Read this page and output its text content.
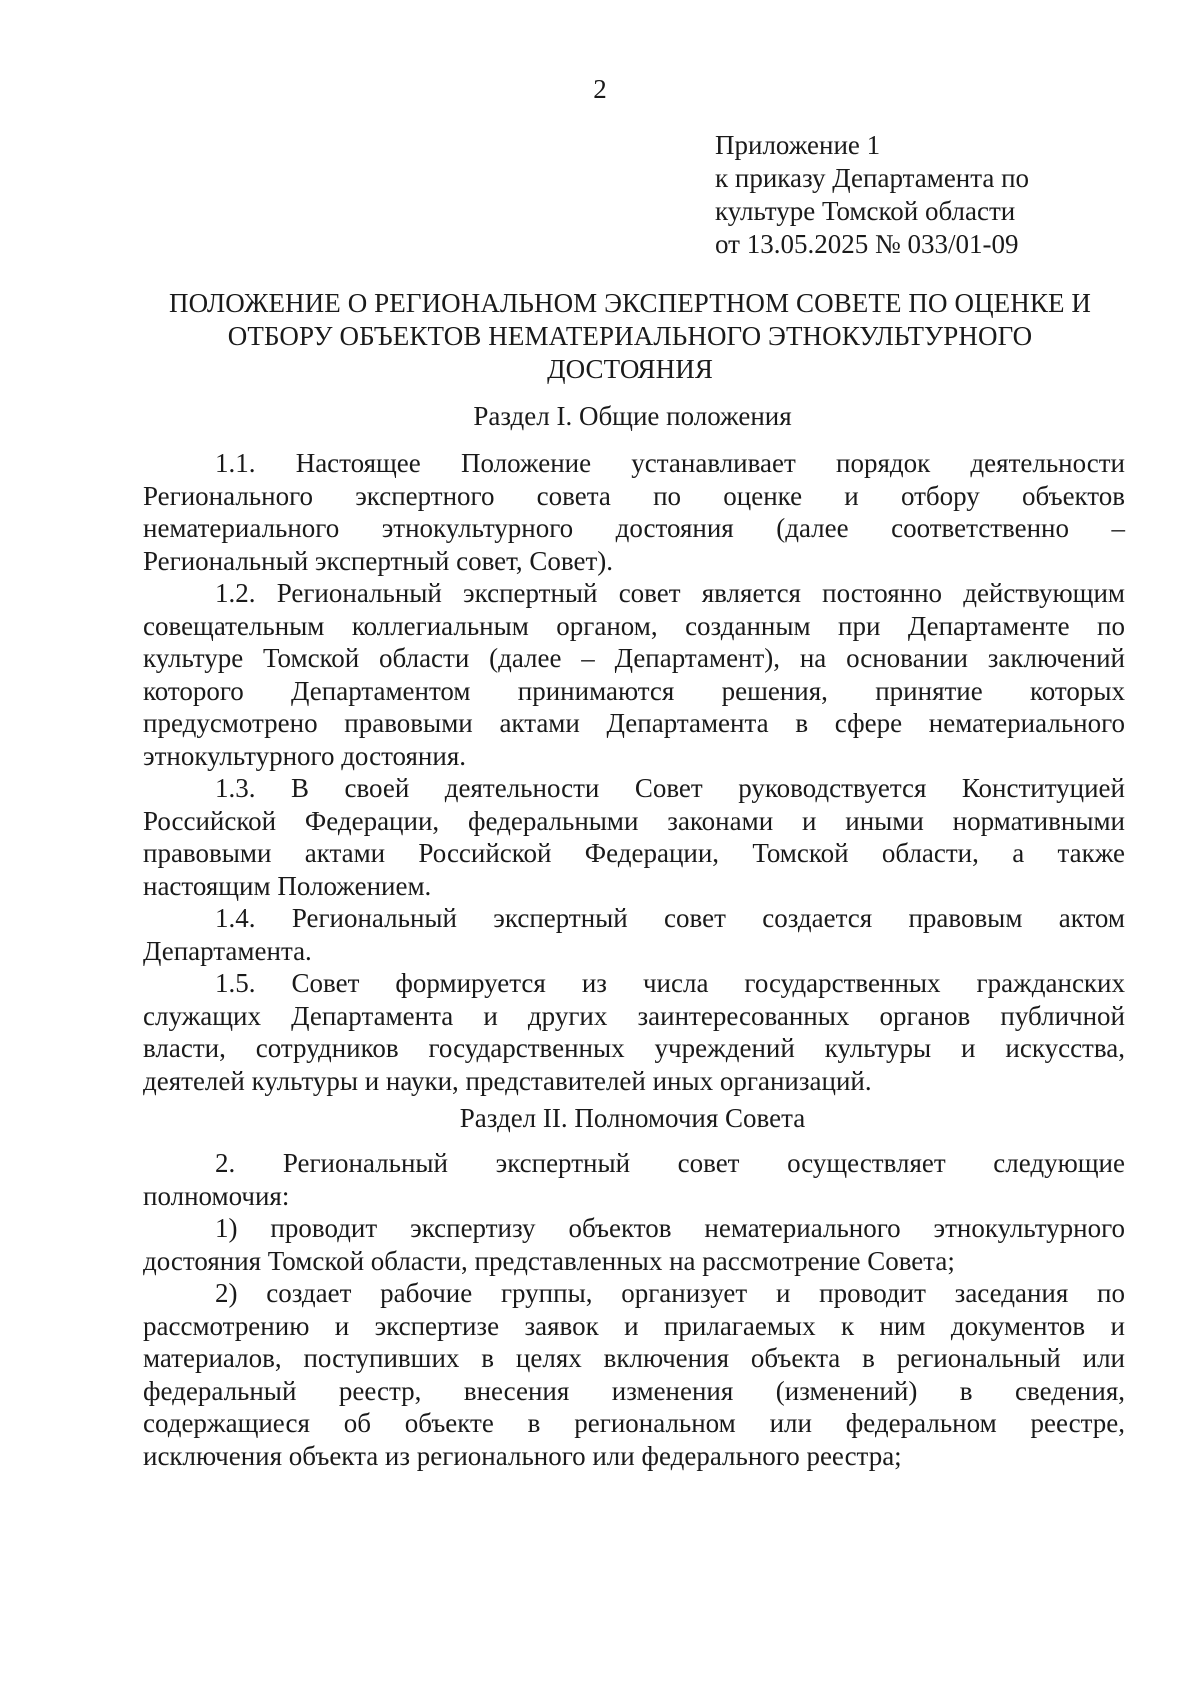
2
Приложение 1
к приказу Департамента по
культуре Томской области
от 13.05.2025 № 033/01-09
ПОЛОЖЕНИЕ О РЕГИОНАЛЬНОМ ЭКСПЕРТНОМ СОВЕТЕ ПО ОЦЕНКЕ И
ОТБОРУ ОБЪЕКТОВ НЕМАТЕРИАЛЬНОГО ЭТНОКУЛЬТУРНОГО
ДОСТОЯНИЯ
Раздел I. Общие положения
1.1. Настоящее Положение устанавливает порядок деятельности
Регионального экспертного совета по оценке и отбору объектов
нематериального этнокультурного достояния (далее соответственно –
Региональный экспертный совет, Совет).
1.2. Региональный экспертный совет является постоянно действующим
совещательным коллегиальным органом, созданным при Департаменте по
культуре Томской области (далее – Департамент), на основании заключений
которого Департаментом принимаются решения, принятие которых
предусмотрено правовыми актами Департамента в сфере нематериального
этнокультурного достояния.
1.3. В своей деятельности Совет руководствуется Конституцией
Российской Федерации, федеральными законами и иными нормативными
правовыми актами Российской Федерации, Томской области, а также
настоящим Положением.
1.4. Региональный экспертный совет создается правовым актом
Департамента.
1.5. Совет формируется из числа государственных гражданских
служащих Департамента и других заинтересованных органов публичной
власти, сотрудников государственных учреждений культуры и искусства,
деятелей культуры и науки, представителей иных организаций.
Раздел II. Полномочия Совета
2. Региональный экспертный совет осуществляет следующие
полномочия:
1) проводит экспертизу объектов нематериального этнокультурного
достояния Томской области, представленных на рассмотрение Совета;
2) создает рабочие группы, организует и проводит заседания по
рассмотрению и экспертизе заявок и прилагаемых к ним документов и
материалов, поступивших в целях включения объекта в региональный или
федеральный реестр, внесения изменения (изменений) в сведения,
содержащиеся об объекте в региональном или федеральном реестре,
исключения объекта из регионального или федерального реестра;
